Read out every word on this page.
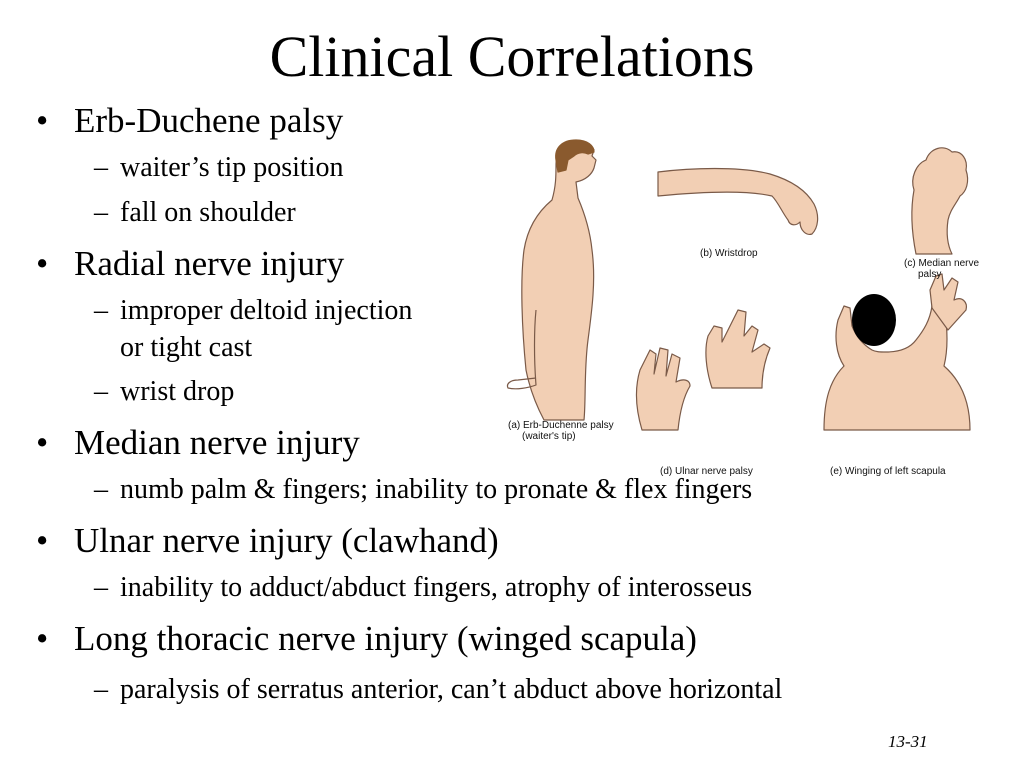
Clinical Correlations
• Erb-Duchene palsy
– waiter’s tip position
– fall on shoulder
• Radial nerve injury
– improper deltoid injection
or tight cast
– wrist drop
• Median nerve injury
– numb palm & fingers; inability to pronate & flex fingers
• Ulnar nerve injury (clawhand)
– inability to adduct/abduct fingers, atrophy of interosseus
• Long thoracic nerve injury (winged scapula)
– paralysis of serratus anterior, can’t abduct above horizontal
(a) Erb-Duchenne palsy
(waiter's tip)
(b) Wristdrop
(c) Median nerve
palsy
(d) Ulnar nerve palsy	(e) Winging of left scapula
13-31
